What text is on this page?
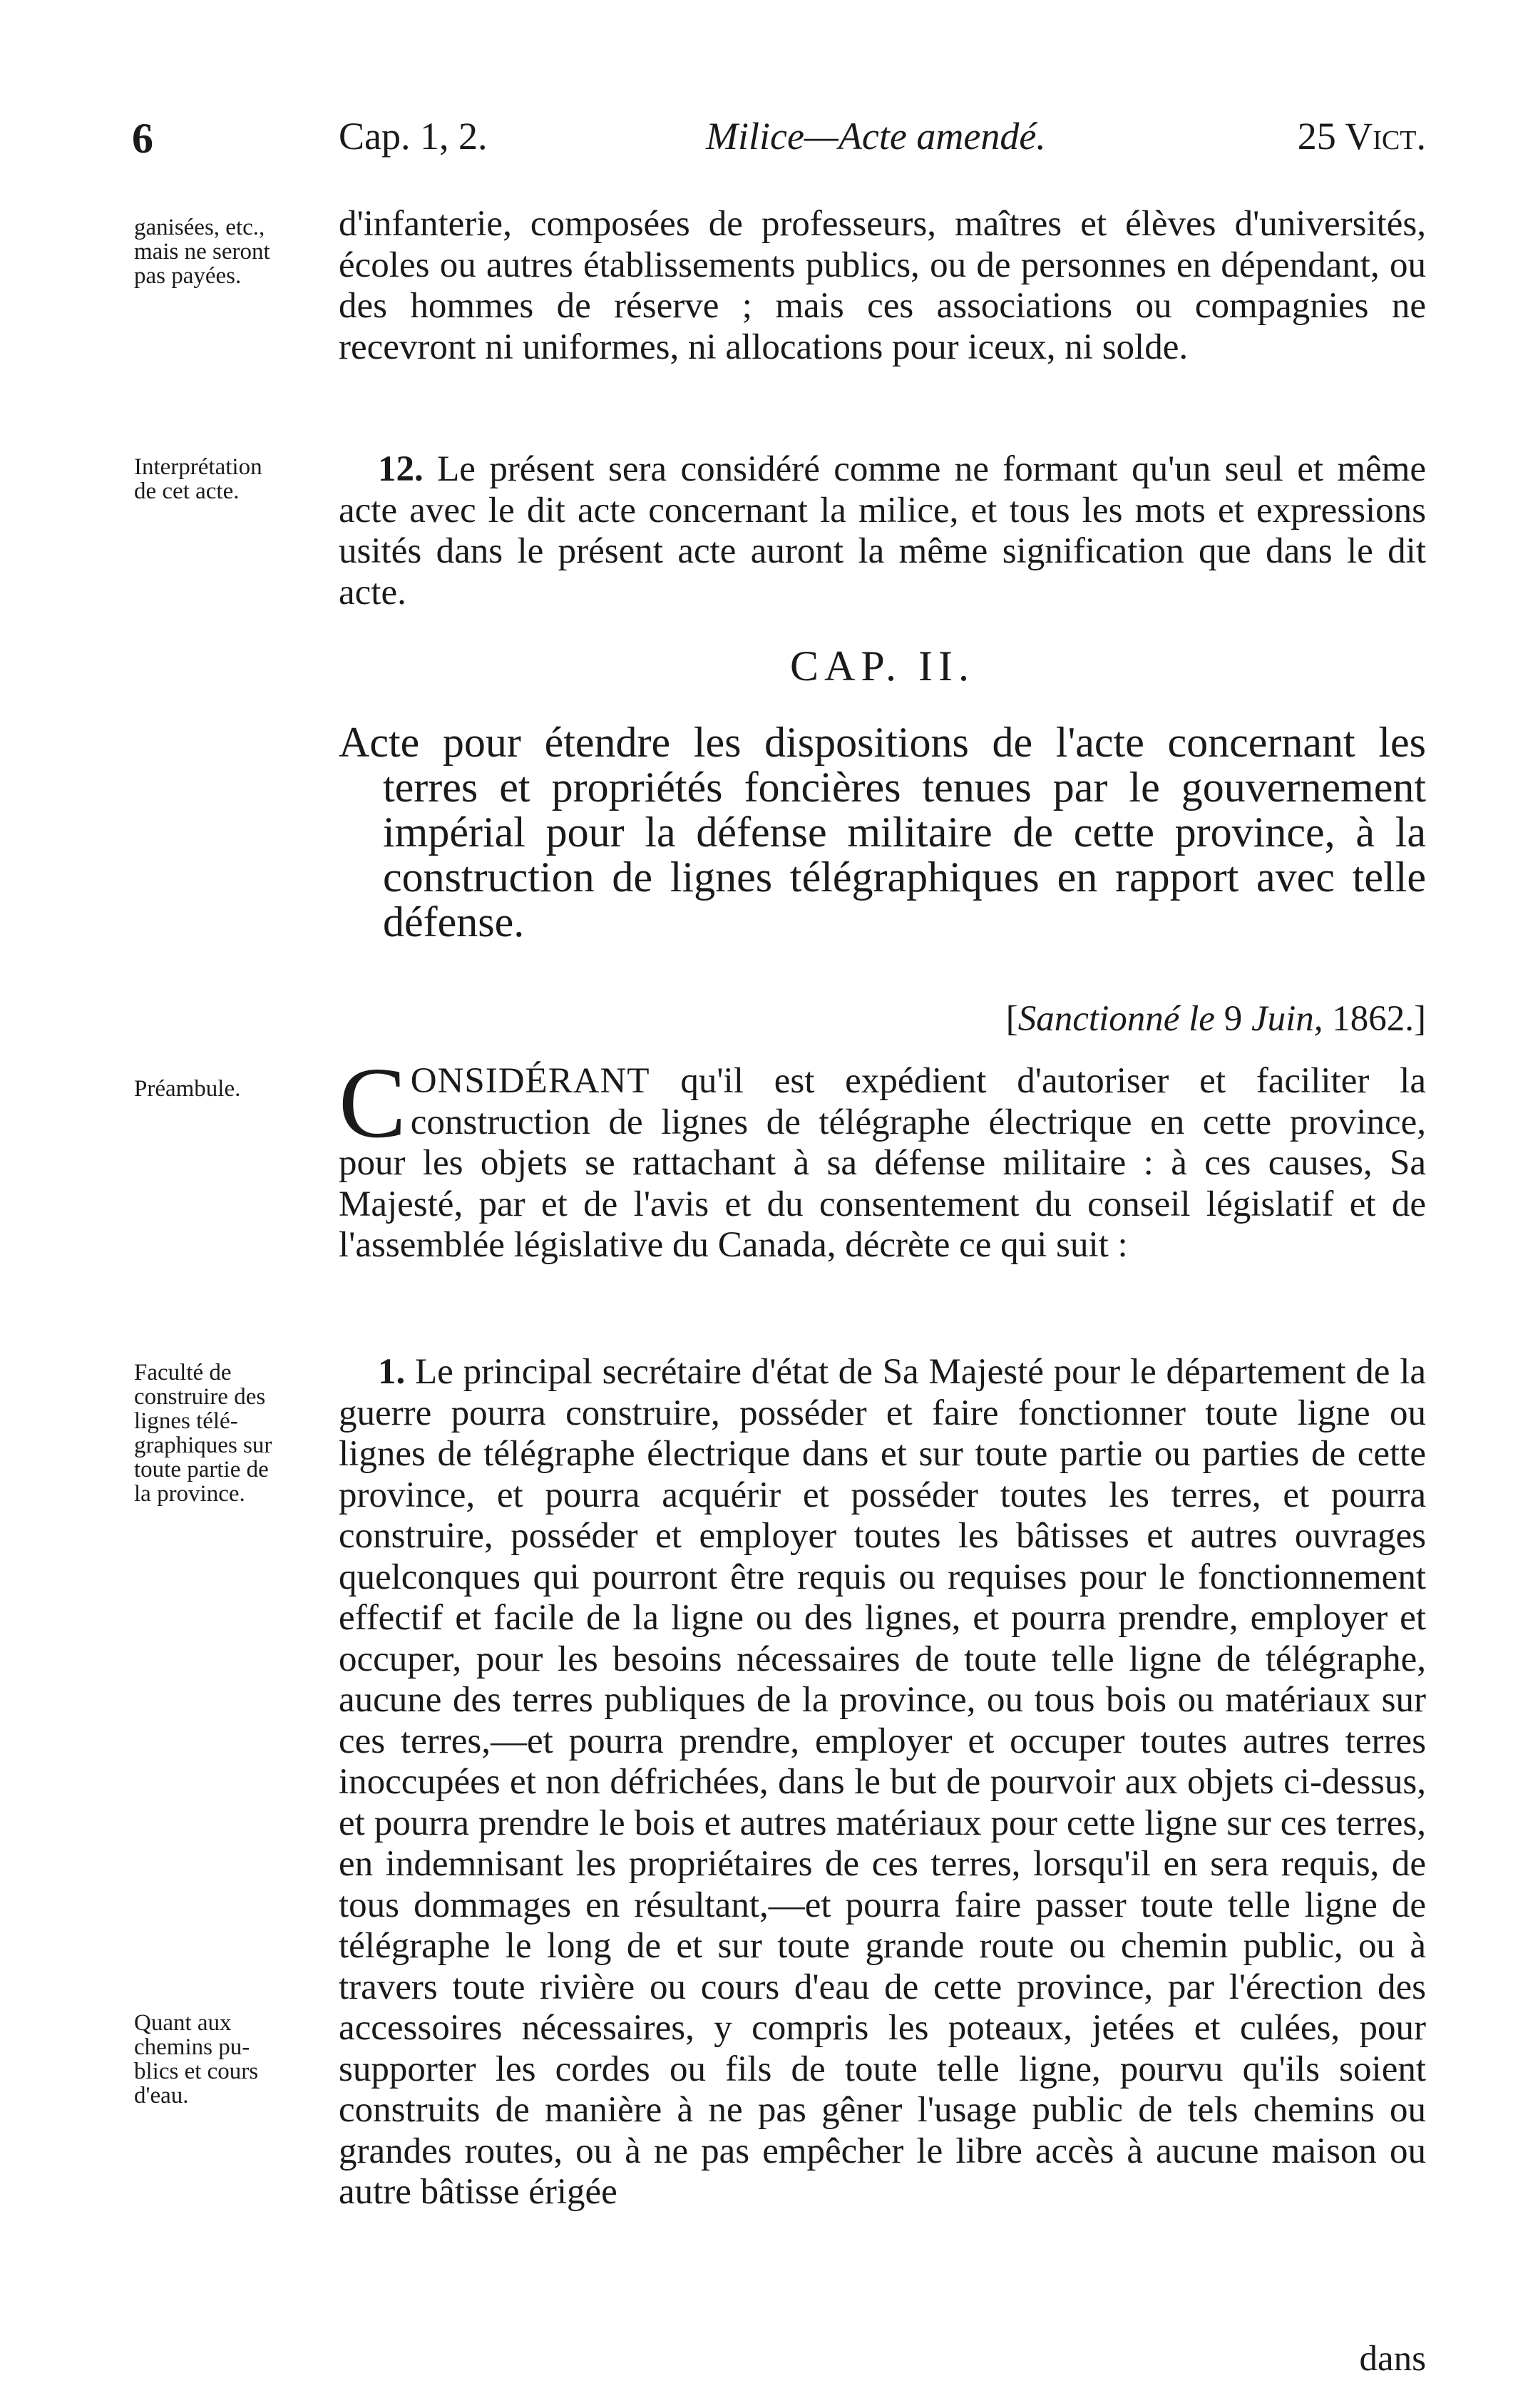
6	Cap. 1, 2.	Milice—Acte amendé.	25 Vict.
ganisées, etc.,
mais ne seront
pas payées.
Interprétation
de cet acte.
Préambule.
Faculté de
construire des
lignes télé-
graphiques sur
toute partie de
la province.
Quant aux
chemins pu-
blics et cours
d'eau.

d'infanterie, composées de professeurs, maîtres et élèves d'universités, écoles ou autres établissements publics, ou de personnes en dépendant, ou des hommes de réserve ; mais ces associations ou compagnies ne recevront ni uniformes, ni allocations pour iceux, ni solde.

12. Le présent sera considéré comme ne formant qu'un seul et même acte avec le dit acte concernant la milice, et tous les mots et expressions usités dans le présent acte auront la même signification que dans le dit acte.

CAP. II.

Acte pour étendre les dispositions de l'acte concernant les terres et propriétés foncières tenues par le gouvernement impérial pour la défense militaire de cette province, à la construction de lignes télégraphiques en rapport avec telle défense.

[Sanctionné le 9 Juin, 1862.]

CONSIDÉRANT qu'il est expédient d'autoriser et faciliter la construction de lignes de télégraphe électrique en cette province, pour les objets se rattachant à sa défense militaire : à ces causes, Sa Majesté, par et de l'avis et du consentement du conseil législatif et de l'assemblée législative du Canada, décrète ce qui suit :

1. Le principal secrétaire d'état de Sa Majesté pour le département de la guerre pourra construire, posséder et faire fonctionner toute ligne ou lignes de télégraphe électrique dans et sur toute partie ou parties de cette province, et pourra acquérir et posséder toutes les terres, et pourra construire, posséder et employer toutes les bâtisses et autres ouvrages quelconques qui pourront être requis ou requises pour le fonctionnement effectif et facile de la ligne ou des lignes, et pourra prendre, employer et occuper, pour les besoins nécessaires de toute telle ligne de télégraphe, aucune des terres publiques de la province, ou tous bois ou matériaux sur ces terres,—et pourra prendre, employer et occuper toutes autres terres inoccupées et non défrichées, dans le but de pourvoir aux objets ci-dessus, et pourra prendre le bois et autres matériaux pour cette ligne sur ces terres, en indemnisant les propriétaires de ces terres, lorsqu'il en sera requis, de tous dommages en résultant,—et pourra faire passer toute telle ligne de télégraphe le long de et sur toute grande route ou chemin public, ou à travers toute rivière ou cours d'eau de cette province, par l'érection des accessoires nécessaires, y compris les poteaux, jetées et culées, pour supporter les cordes ou fils de toute telle ligne, pourvu qu'ils soient construits de manière à ne pas gêner l'usage public de tels chemins ou grandes routes, ou à ne pas empêcher le libre accès à aucune maison ou autre bâtisse érigée

dans
